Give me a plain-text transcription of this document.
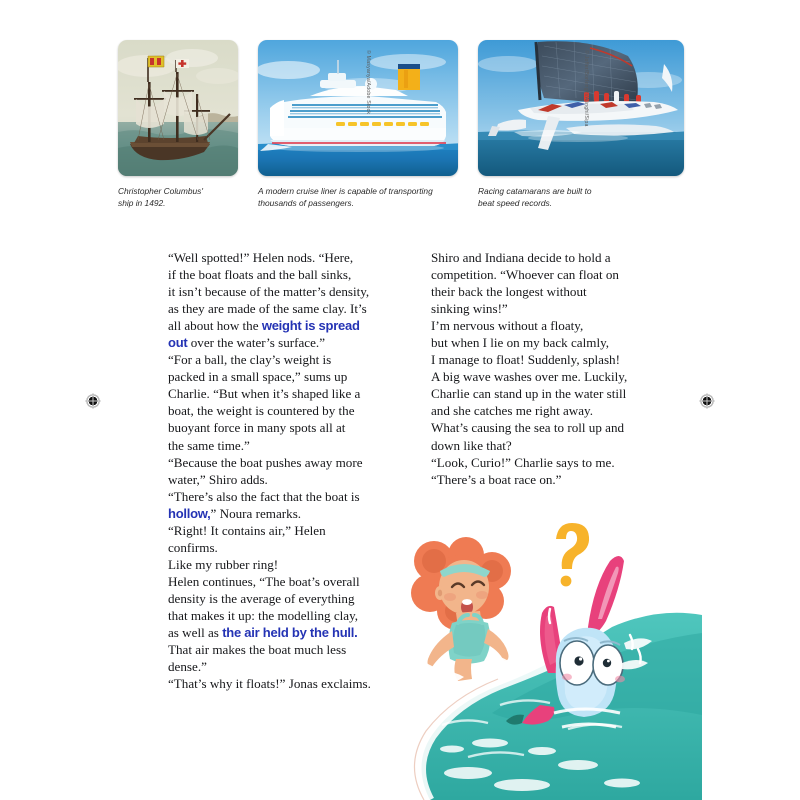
Christopher Columbus'
ship in 1492.
A modern cruise liner is capable of transporting
thousands of passengers.
Racing catamarans are built to
beat speed records.
© Masyanya/Adobe Stock	© Joffer/Borlenghi/Alinghi/Sipa

“Well spotted!” Helen nods. “Here,
if the boat floats and the ball sinks,
it isn’t because of the matter’s density,
as they are made of the same clay. It’s
all about how the weight is spread
out over the water’s surface.”

“For a ball, the clay’s weight is
packed in a small space,” sums up
Charlie. “But when it’s shaped like a
boat, the weight is countered by the
buoyant force in many spots all at
the same time.”

“Because the boat pushes away more
water,” Shiro adds.

“There’s also the fact that the boat is
hollow,” Noura remarks.

“Right! It contains air,” Helen
confirms.

Like my rubber ring!

Helen continues, “The boat’s overall
density is the average of everything
that makes it up: the modelling clay,
as well as the air held by the hull.
That air makes the boat much less
dense.”

“That’s why it floats!” Jonas exclaims.

Shiro and Indiana decide to hold a
competition. “Whoever can float on
their back the longest without
sinking wins!”

I’m nervous without a floaty,
but when I lie on my back calmly,
I manage to float! Suddenly, splash!
A big wave washes over me. Luckily,
Charlie can stand up in the water still
and she catches me right away.
What’s causing the sea to roll up and
down like that?

“Look, Curio!” Charlie says to me.
“There’s a boat race on.”
